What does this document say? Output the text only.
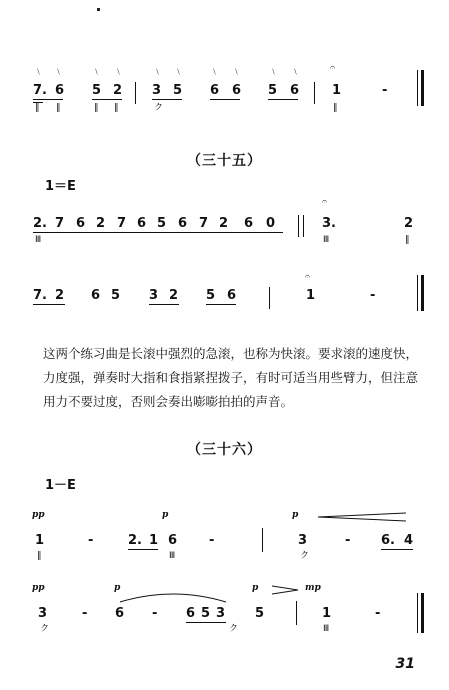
﹨ ﹨	﹨ ﹨	﹨ ﹨	﹨ ﹨	﹨ ﹨	𝄐
7. 6 5 2 3 5 6 6 5 6	1	-
‖ ‖	‖ ‖	ク	‖
（三十五）
1＝E
𝄐
2. 7 6 2 7 6 5 6 7 2 6 0	3.	2
Ⅲ	Ⅲ	‖
𝄐
7. 2 6 5 3 2 5 6	1	-
这两个练习曲是长滚中强烈的急滚，也称为快滚。要求滚的速度快，力度强，弹奏时大指和食指紧捏拨子，有时可适当用些臂力，但注意用力不要过度，否则会奏出嘭嘭拍拍的声音。
（三十六）
1－E
pp	p	p
1	-	2. 1 6 -	3	- 6. 4
‖	Ⅲ	ク
pp	p	p	mp
3	- 6 - 6 5 3 5	1	-
ク	ク	Ⅲ
31
